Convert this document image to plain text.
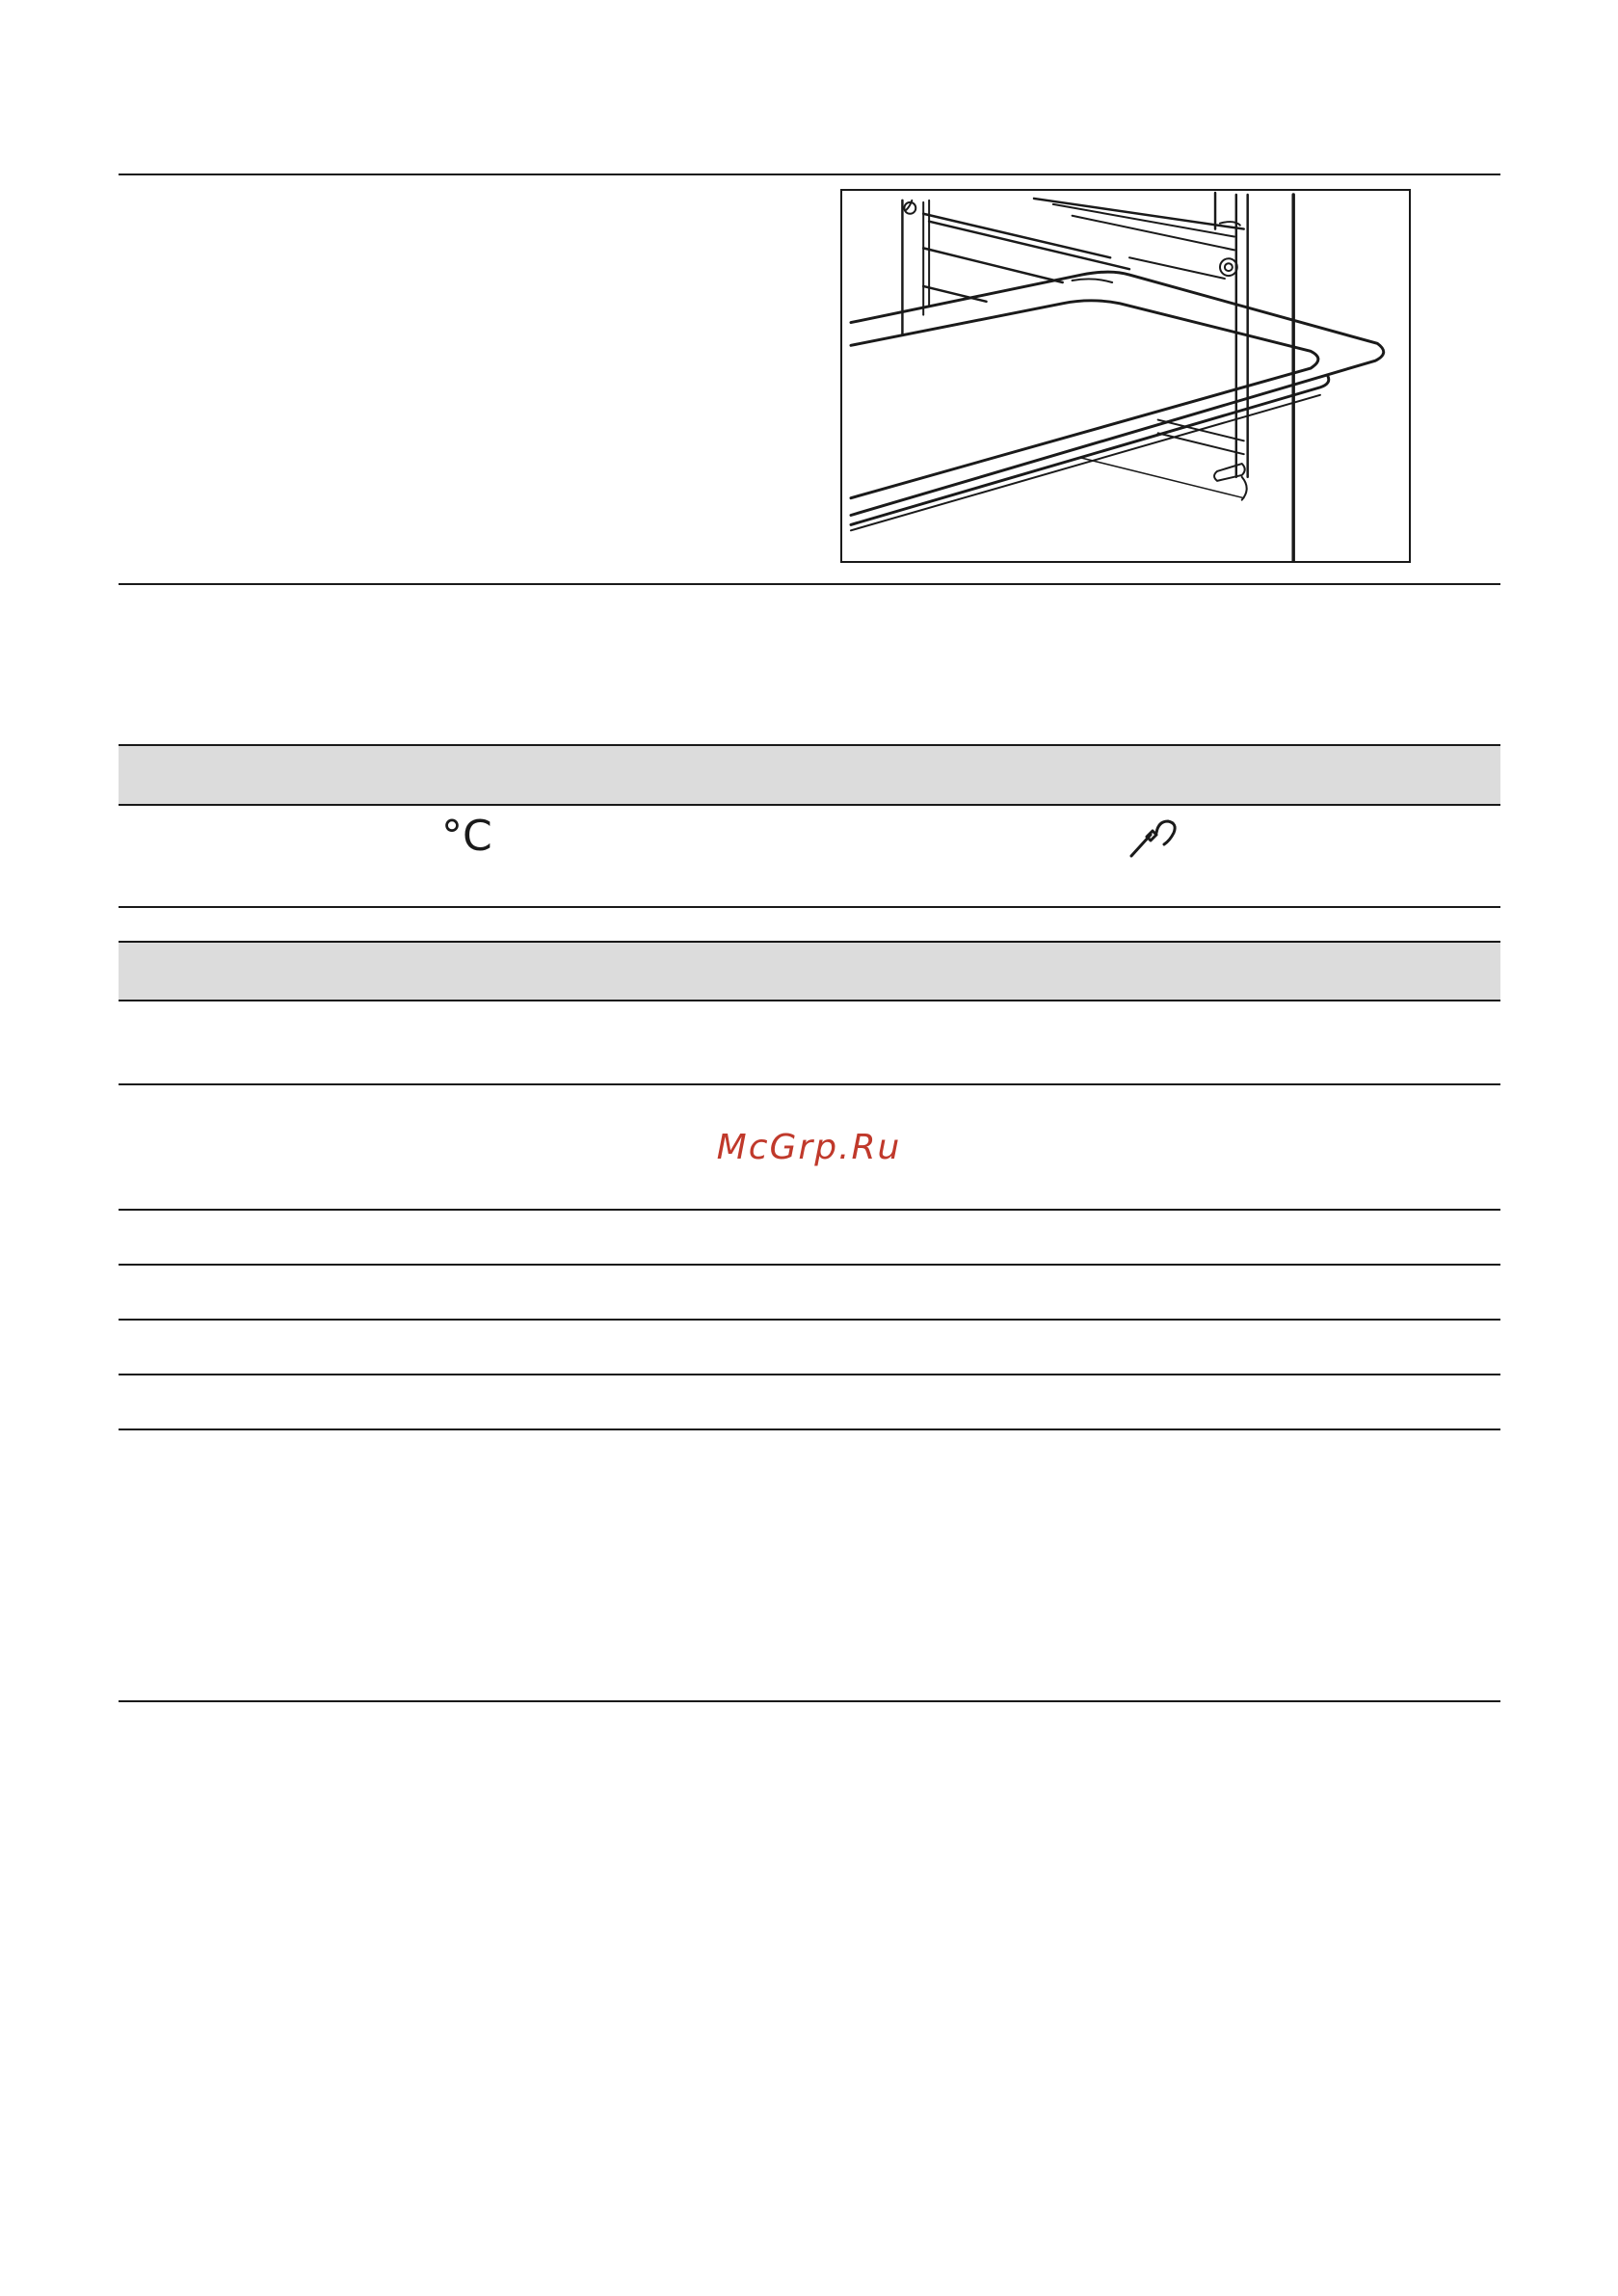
°C
McGrp.Ru
